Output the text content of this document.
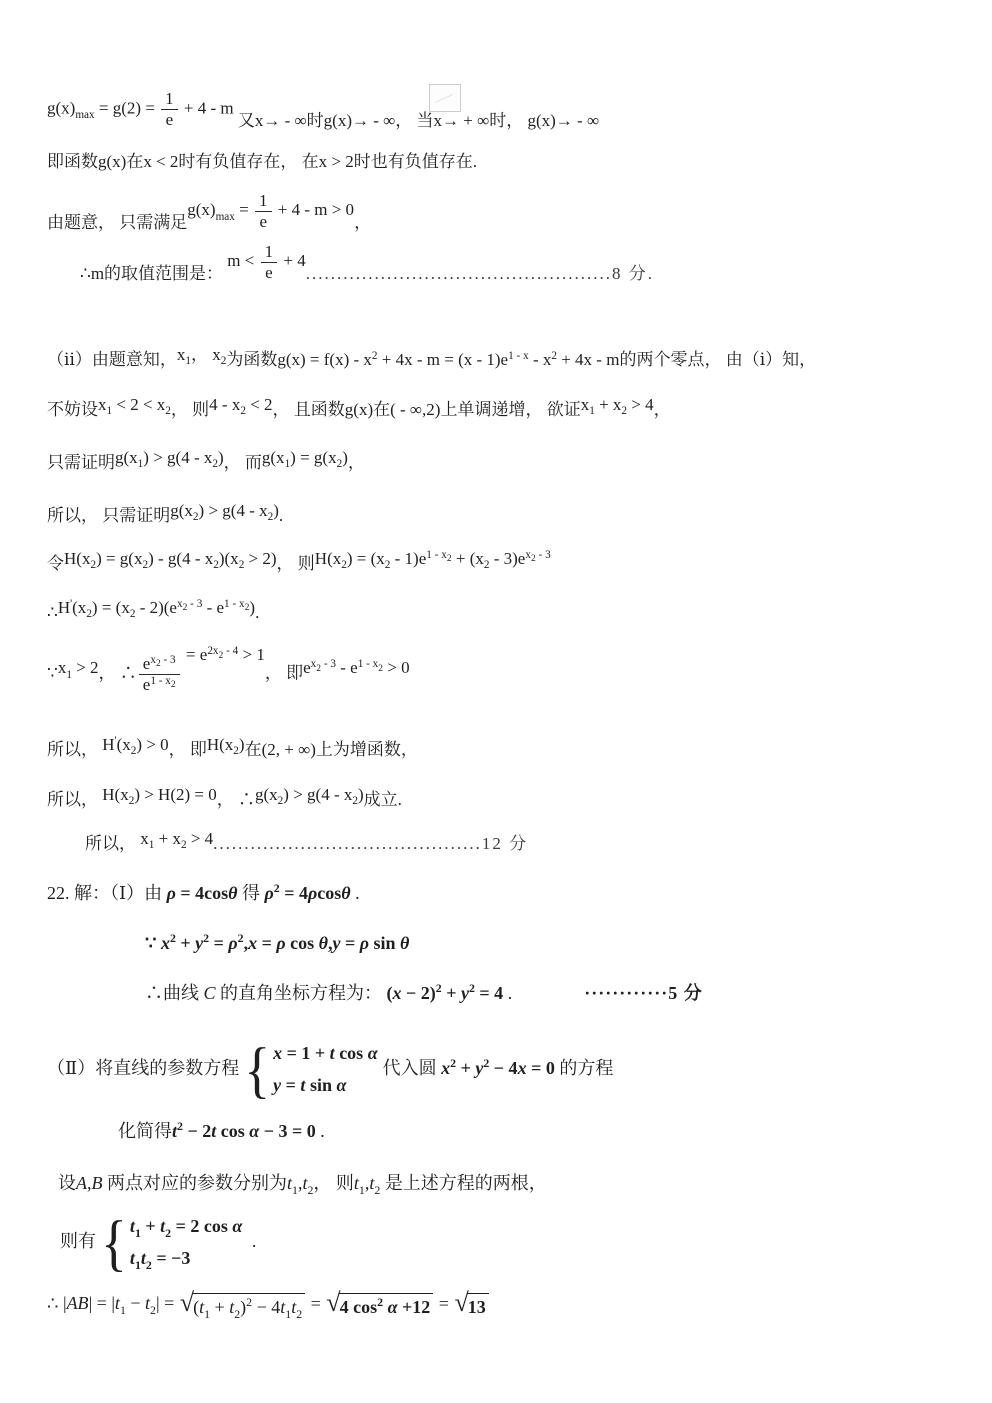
$g(x)_{max} = g(2) = \frac{1}{e} + 4 - m$ 又x→ - ∞时g(x)→ - ∞， 当x→ + ∞时， g(x)→ - ∞
即函数g(x)在x < 2时有负值存在， 在x > 2时也有负值存在.
由题意， 只需满足$g(x)_{max} = \frac{1}{e} + 4 - m > 0$，
∴m的取值范围是： $m < \frac{1}{e} + 4.................................................8$ 分.
（ⅱ）由题意知，$x_1$， $x_2$为函数$g(x) = f(x) - x^2 + 4x - m = (x - 1)e^{1 - x} - x^2 + 4x - m$的两个零点， 由（ⅰ）知，
不妨设$x_1 < 2 < x_2$， 则$4 - x_2 < 2$， 且函数g(x)在( - ∞,2)上单调递增， 欲证$x_1 + x_2 > 4$，
只需证明$g(x_1) > g(4 - x_2)$， 而$g(x_1) = g(x_2)$，
所以， 只需证明$g(x_2) > g(4 - x_2)$.
令$H(x_2) = g(x_2) - g(4 - x_2)(x_2 > 2)$， 则$H(x_2) = (x_2 - 1)e^{1 - x_2} + (x_2 - 3)e^{x_2 - 3}$
$\therefore H'(x_2) = (x_2 - 2)(e^{x_2 - 3} - e^{1 - x_2})$.
$\because x_1 > 2$， ∴ $\frac{e^{x_2 - 3}}{e^{1 - x_2}}$
= $e^{2x_2 - 4} > 1$， 即$e^{x_2 - 3} - e^{1 - x_2} > 0$
所以， $H'(x_2) > 0$， 即$H(x_2)$在(2, + ∞)上为增函数，
所以， $H(x_2) > H(2) = 0$， $\therefore g(x_2) > g(4 - x_2)$成立.
所以， $x_1 + x_2 > 4...........................................12$ 分
22. 解：（Ⅰ）由 ρ = 4cosθ 得 $\rho^2 = 4\rho\cos\theta$ .
∵ $x^2 + y^2 = \rho^2,x = \rho$ cos θ,y = ρ sin θ
∴曲线 C 的直角坐标方程为： $(x - 2)^2 + y^2 = 4$ .	············5 分
（Ⅱ）将直线的参数方程 { x = 1 + t cos α
y = t sin α
代入圆 $x^2 + y^2 - 4x = 0$ 的方程
化简得$t^2 - 2t$ cos α − 3 = 0 .
设A,B 两点对应的参数分别为$t_1,t_2$， 则$t_1,t_2$ 是上述方程的两根，
则有 { $t_1 + t_2 = 2$ cos α
$t_1t_2 = -3$
.
∴ $|AB| = |t_1 - t_2|$ = √ $(t_1 + t_2)^2 - 4t_1t_2$
= √ 4 $\cos^2 \alpha +12$ = √ 13
